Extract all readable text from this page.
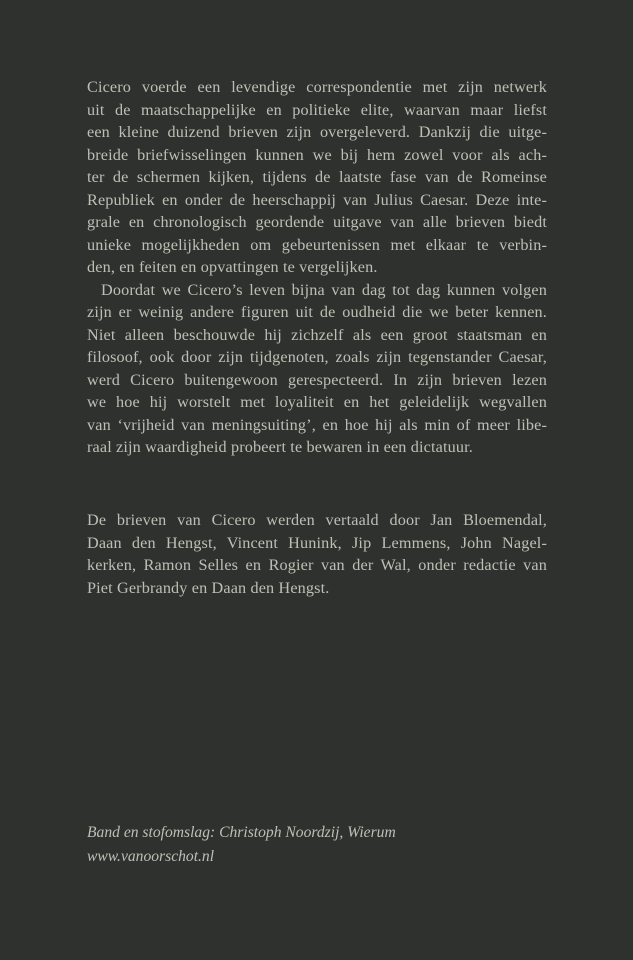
Cicero voerde een levendige correspondentie met zijn netwerk
uit de maatschappelijke en politieke elite, waarvan maar liefst
een kleine duizend brieven zijn overgeleverd. Dankzij die uitge-
breide briefwisselingen kunnen we bij hem zowel voor als ach-
ter de schermen kijken, tijdens de laatste fase van de Romeinse
Republiek en onder de heerschappij van Julius Caesar. Deze inte-
grale en chronologisch geordende uitgave van alle brieven biedt
unieke mogelijkheden om gebeurtenissen met elkaar te verbin-
den, en feiten en opvattingen te vergelijken.
Doordat we Cicero’s leven bijna van dag tot dag kunnen volgen
zijn er weinig andere figuren uit de oudheid die we beter kennen.
Niet alleen beschouwde hij zichzelf als een groot staatsman en
filosoof, ook door zijn tijdgenoten, zoals zijn tegenstander Caesar,
werd Cicero buitengewoon gerespecteerd. In zijn brieven lezen
we hoe hij worstelt met loyaliteit en het geleidelijk wegvallen
van ‘vrijheid van meningsuiting’, en hoe hij als min of meer libe-
raal zijn waardigheid probeert te bewaren in een dictatuur.
De brieven van Cicero werden vertaald door Jan Bloemendal,
Daan den Hengst, Vincent Hunink, Jip Lemmens, John Nagel-
kerken, Ramon Selles en Rogier van der Wal, onder redactie van
Piet Gerbrandy en Daan den Hengst.
Band en stofomslag: Christoph Noordzij, Wierum
www.vanoorschot.nl
